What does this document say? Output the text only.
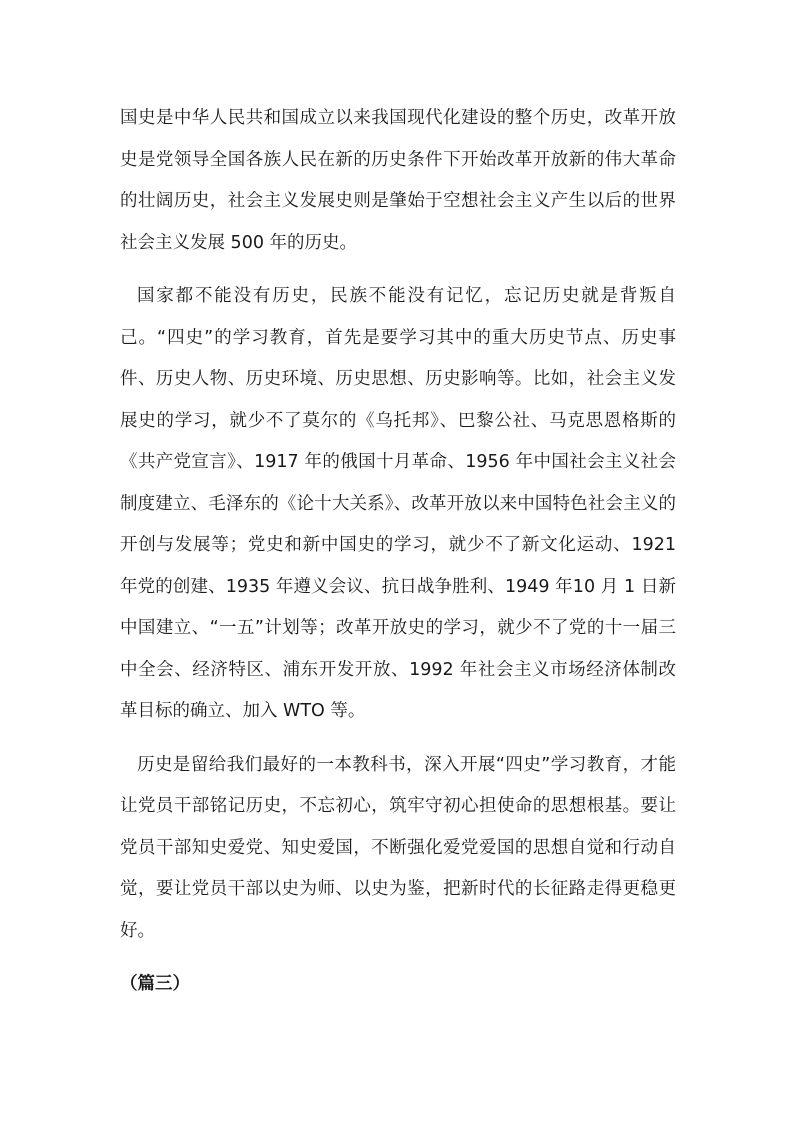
国史是中华人民共和国成立以来我国现代化建设的整个历史，改革开放史是党领导全国各族人民在新的历史条件下开始改革开放新的伟大革命的壮阔历史，社会主义发展史则是肇始于空想社会主义产生以后的世界社会主义发展 500 年的历史。

国家都不能没有历史，民族不能没有记忆，忘记历史就是背叛自己。“四史”的学习教育，首先是要学习其中的重大历史节点、历史事件、历史人物、历史环境、历史思想、历史影响等。比如，社会主义发展史的学习，就少不了莫尔的《乌托邦》、巴黎公社、马克思恩格斯的《共产党宣言》、1917 年的俄国十月革命、1956 年中国社会主义社会制度建立、毛泽东的《论十大关系》、改革开放以来中国特色社会主义的开创与发展等；党史和新中国史的学习，就少不了新文化运动、1921 年党的创建、1935 年遵义会议、抗日战争胜利、1949 年10 月 1 日新中国建立、“一五”计划等；改革开放史的学习，就少不了党的十一届三中全会、经济特区、浦东开发开放、1992 年社会主义市场经济体制改革目标的确立、加入 WTO 等。

历史是留给我们最好的一本教科书，深入开展“四史”学习教育，才能让党员干部铭记历史，不忘初心，筑牢守初心担使命的思想根基。要让党员干部知史爱党、知史爱国，不断强化爱党爱国的思想自觉和行动自觉，要让党员干部以史为师、以史为鉴，把新时代的长征路走得更稳更好。

（篇三）
